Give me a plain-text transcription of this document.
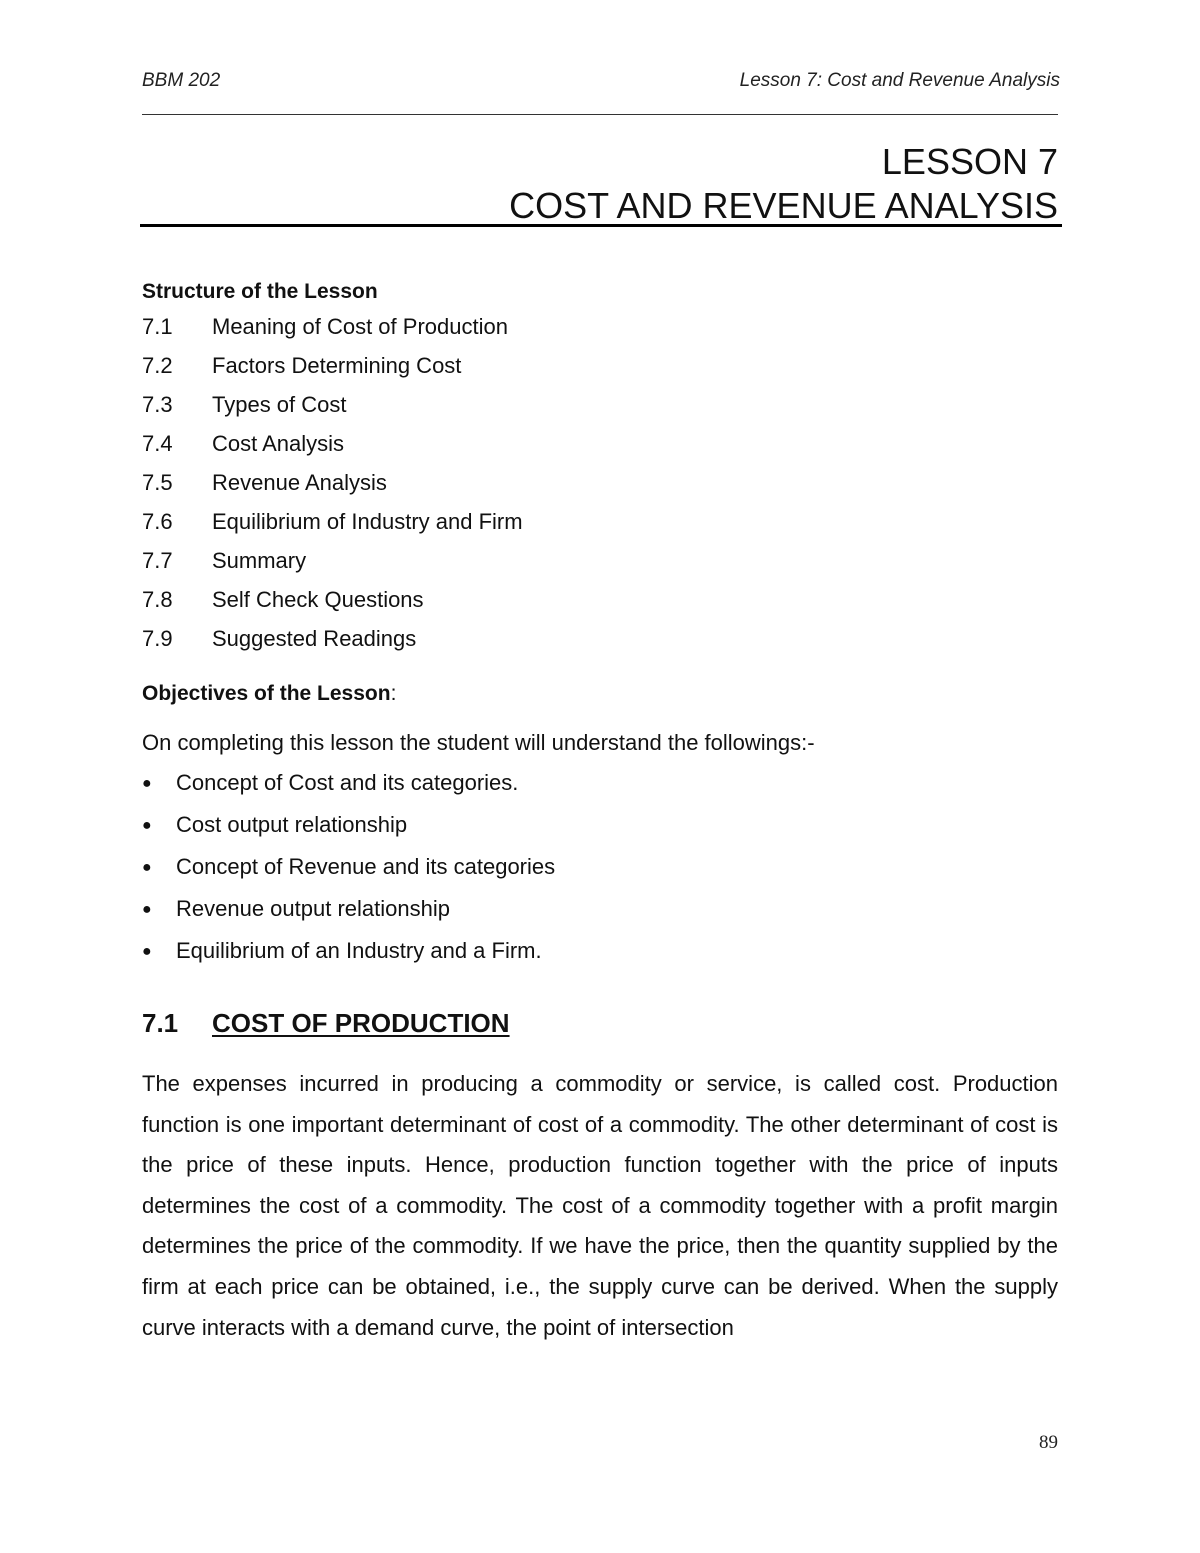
BBM 202	Lesson 7: Cost and Revenue Analysis
LESSON 7
COST AND REVENUE ANALYSIS
Structure of the Lesson
7.1	Meaning of Cost of Production
7.2	Factors Determining Cost
7.3	Types of Cost
7.4	Cost Analysis
7.5	Revenue Analysis
7.6	Equilibrium of Industry and Firm
7.7	Summary
7.8	Self Check Questions
7.9	Suggested Readings
Objectives of the Lesson:
On completing this lesson the student will understand the followings:-
●	Concept of Cost and its categories.
●	Cost output relationship
●	Concept of Revenue and its categories
●	Revenue output relationship
●	Equilibrium of an Industry and a Firm.
7.1	COST OF PRODUCTION

The expenses incurred in producing a commodity or service, is called cost. Production function is one important determinant of cost of a commodity. The other determinant of cost is the price of these inputs. Hence, production function together with the price of inputs determines the cost of a commodity. The cost of a commodity together with a profit margin determines the price of the commodity. If we have the price, then the quantity supplied by the firm at each price can be obtained, i.e., the supply curve can be derived. When the supply curve interacts with a demand curve, the point of intersection

89
